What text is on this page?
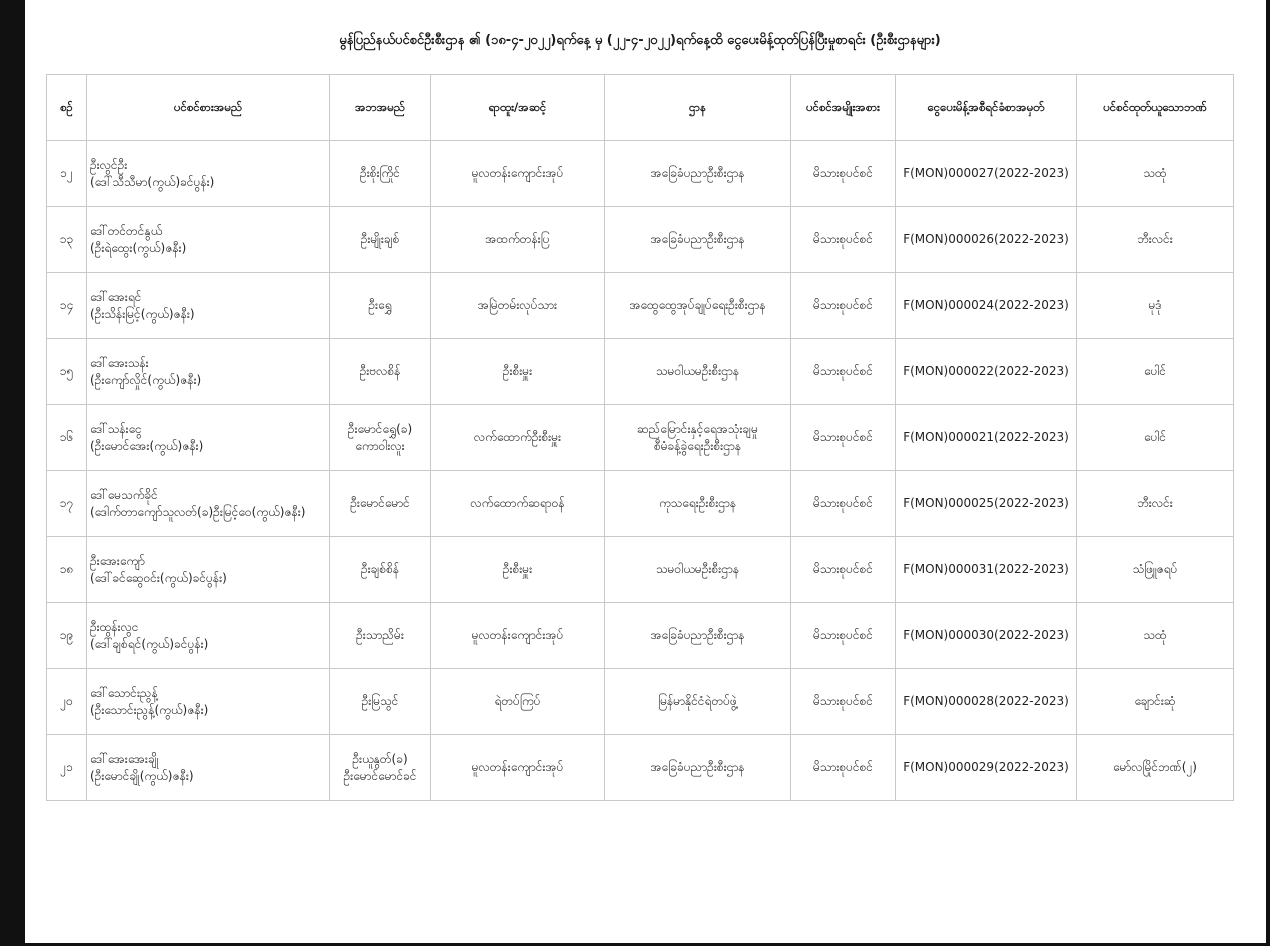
မွန်ပြည်နယ်ပင်စင်ဦးစီးဌာန ၏ (၁၈-၄-၂၀၂၂)ရက်နေ့ မှ (၂၂-၄-၂၀၂၂)ရက်နေ့ထိ ငွေပေးမိန့်ထုတ်ပြန်ပြီးမှုစာရင်း (ဦးစီးဌာနများ)
စဉ်	ပင်စင်စားအမည်	အဘအမည်	ရာထူး/အဆင့်	ဌာန	ပင်စင်အမျိုးအစား	ငွေပေးမိန့်အစီရင်ခံစာအမှတ်	ပင်စင်ထုတ်ယူသောဘဏ်
၁၂	ဦးလွင်ဦး
(ဒေါ်သီသီမာ(ကွယ်)ခင်ပွန်း)	ဦးစိုးကြိုင်	မူလတန်းကျောင်းအုပ်	အခြေခံပညာဦးစီးဌာန	မိသားစုပင်စင်	F(MON)000027(2022-2023)	သထုံ
၁၃	ဒေါ်တင်တင်နွယ်
(ဦးရဲထွေး(ကွယ်)ဇနီး)	ဦးမျိုးချစ်	အထက်တန်းပြ	အခြေခံပညာဦးစီးဌာန	မိသားစုပင်စင်	F(MON)000026(2022-2023)	ဘီးလင်း
၁၄	ဒေါ်အေးရင်
(ဦးသိန်းမြင့်(ကွယ်)ဇနီး)	ဦးရွှေ	အမြဲတမ်းလုပ်သား	အထွေထွေအုပ်ချုပ်ရေးဦးစီးဌာန	မိသားစုပင်စင်	F(MON)000024(2022-2023)	မုဒုံ
၁၅	ဒေါ်အေးသန်း
(ဦးကျော်လှိုင်(ကွယ်)ဇနီး)	ဦးဗလစိန်	ဦးစီးမှူး	သမဝါယမဦးစီးဌာန	မိသားစုပင်စင်	F(MON)000022(2022-2023)	ပေါင်
၁၆	ဒေါ်သန်းငွေ
(ဦးမောင်အေး(ကွယ်)ဇနီး)	ဦးမောင်ရွှေ(ခ)
ကောဝါးလူး	လက်ထောက်ဦးစီးမှူး	ဆည်မြောင်းနှင့်ရေအသုံးချမှု
စီမံခန့်ခွဲရေးဦးစီးဌာန	မိသားစုပင်စင်	F(MON)000021(2022-2023)	ပေါင်
၁၇	ဒေါ်မေသက်ခိုင်
(ဒေါက်တာကျော်သူလတ်(ခ)ဦးမြင့်ဝေ(ကွယ်)ဇနီး)	ဦးမောင်မောင်	လက်ထောက်ဆရာဝန်	ကုသရေးဦးစီးဌာန	မိသားစုပင်စင်	F(MON)000025(2022-2023)	ဘီးလင်း
၁၈	ဦးအေးကျော်
(ဒေါ်ခင်ဆွေဝင်း(ကွယ်)ခင်ပွန်း)	ဦးချစ်စိန်	ဦးစီးမှူး	သမဝါယမဦးစီးဌာန	မိသားစုပင်စင်	F(MON)000031(2022-2023)	သံဖြူဇရပ်
၁၉	ဦးထွန်းလွင
(ဒေါ်ချစ်ရင်(ကွယ်)ခင်ပွန်း)	ဦးသာညိမ်း	မူလတန်းကျောင်းအုပ်	အခြေခံပညာဦးစီးဌာန	မိသားစုပင်စင်	F(MON)000030(2022-2023)	သထုံ
၂၀	ဒေါ်သောင်းညွန့်
(ဦးသောင်းညွန့်(ကွယ်)ဇနီး)	ဦးမြသွင်	ရဲတပ်ကြပ်	မြန်မာနိုင်ငံရဲတပ်ဖွဲ့	မိသားစုပင်စင်	F(MON)000028(2022-2023)	ချောင်းဆုံ
၂၁	ဒေါ်အေးအေးချို
(ဦးမောင်ချို(ကွယ်)ဇနီး)	ဦးယူနွတ်(ခ)
ဦးမောင်မောင်ခင်	မူလတန်းကျောင်းအုပ်	အခြေခံပညာဦးစီးဌာန	မိသားစုပင်စင်	F(MON)000029(2022-2023)	မော်လမြိုင်ဘဏ်(၂)
